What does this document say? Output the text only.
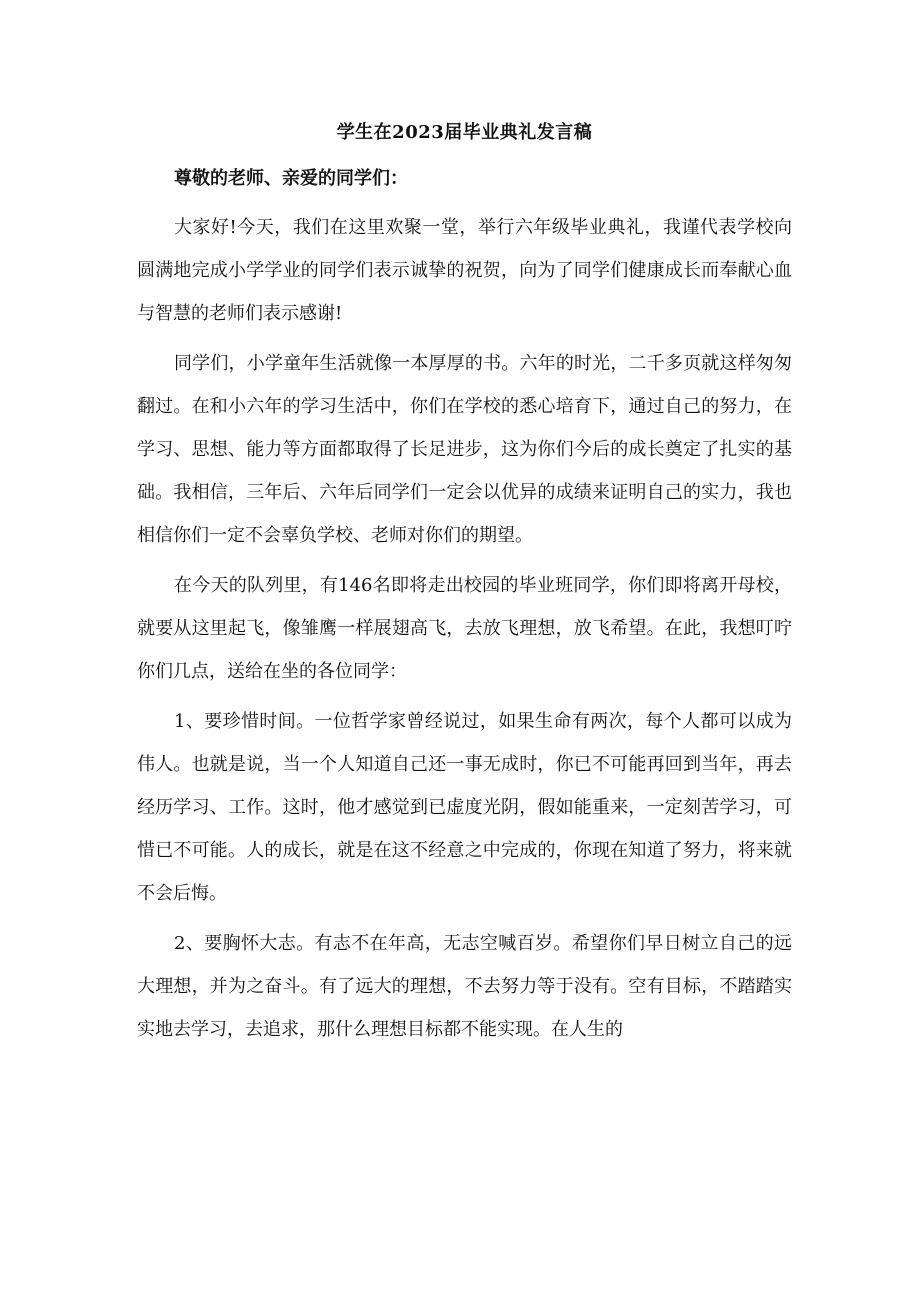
学生在2023届毕业典礼发言稿
尊敬的老师、亲爱的同学们：

大家好!今天，我们在这里欢聚一堂，举行六年级毕业典礼，我谨代表学校向圆满地完成小学学业的同学们表示诚挚的祝贺，向为了同学们健康成长而奉献心血与智慧的老师们表示感谢!

同学们，小学童年生活就像一本厚厚的书。六年的时光，二千多页就这样匆匆翻过。在和小六年的学习生活中，你们在学校的悉心培育下，通过自己的努力，在学习、思想、能力等方面都取得了长足进步，这为你们今后的成长奠定了扎实的基础。我相信，三年后、六年后同学们一定会以优异的成绩来证明自己的实力，我也相信你们一定不会辜负学校、老师对你们的期望。

在今天的队列里，有146名即将走出校园的毕业班同学，你们即将离开母校，就要从这里起飞，像雏鹰一样展翅高飞，去放飞理想，放飞希望。在此，我想叮咛你们几点，送给在坐的各位同学：

1、要珍惜时间。一位哲学家曾经说过，如果生命有两次，每个人都可以成为伟人。也就是说，当一个人知道自己还一事无成时，你已不可能再回到当年，再去经历学习、工作。这时，他才感觉到已虚度光阴，假如能重来，一定刻苦学习，可惜已不可能。人的成长，就是在这不经意之中完成的，你现在知道了努力，将来就不会后悔。

2、要胸怀大志。有志不在年高，无志空喊百岁。希望你们早日树立自己的远大理想，并为之奋斗。有了远大的理想，不去努力等于没有。空有目标，不踏踏实实地去学习，去追求，那什么理想目标都不能实现。在人生的
